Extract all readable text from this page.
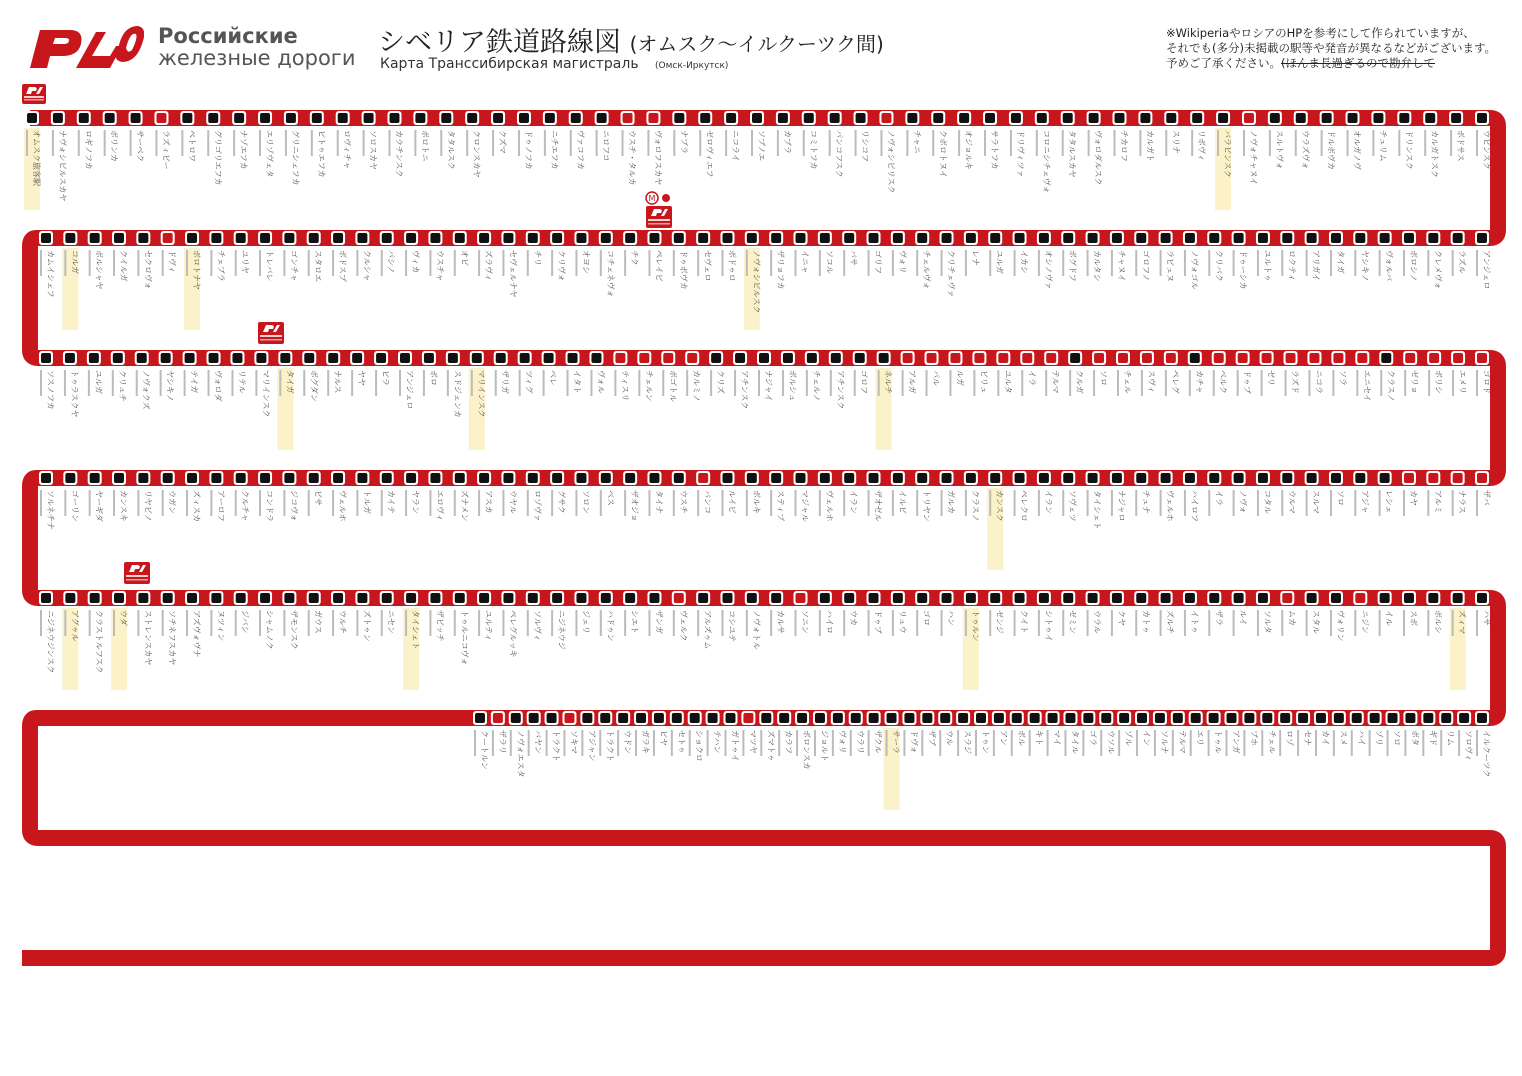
Российские
железные дороги シベリア鉄道路線図 (オムスク〜イルクーツク間)
Карта Транссибирская магистраль (Омск-Иркутск)
※WikiperiaやロシアのHPを参考にして作られていますが、
それでも(多分)未掲載の駅等や発音が異なるなどがございます。
予めご了承ください。(ほんま長過ぎるので勘弁して
オムスク旅客駅 ナヴォシビルスカヤ ロギノフカ ボリンカ サーベク ラズィビー ペトロワ グリゴリエフカ ナゾエフカ エリゾヴェタ グリニシェフカ ピトゥエフカ ロヴィチャ ソロスカヤ カラチンスク ボロトニ タタルスク クロンスカヤ クズマ ドゥノフカ ニチエフカ ヴァコフカ ニロフコ ウスチ・タルカ ヴォロフスカヤ ナブラ ゼロヴィエフ ニコライ ソブノエ カブラ コミトフカ パンコフスク リシコフ ノヴォシビリスク チャニ クボロトヌイ オジョルキ サラトフカ ドリヴィツァ コロニシチェヴォ タタルスカヤ ヴォロダルスク チカロフ カルガト スリナ リボヴィ バラビンスク ノヴォチャヌイ スルトヴォ ウラズヴォ ドルボヴカ オルガノヴ チュリム ドリンスク カルガトスク ポドサス ウビンスク
カムイシェフ コルガ ボルシャヤ クイルガ セクロヴォ ドヴィ ボロトナヤ チェブラ ユリヤ トレバレ ゴンチャ スタロエ ポドスプ クルシャ パシノ ヴィカ ウスチャ オビ ズラヴィ セヴェルナヤ チリ クリヴォ オヨシ コチェネヴォ チク ペレイビ ドゥボヴカ セヴェロ ポドゥロ ノヴォシビルスク ザリョフカ イニャ ソコル バサ ゴリフ ヴォリ チェルヴォ クリチェヴァ レナ ユルガ イカシ オシノヴァ ボグドフ カルタシ チャヌイ ゴロフノ ラビュヌ ノヴォゴル クリバク ドゥーシカ ユルトゥ ロクティ アリガイ タイガ ヤシキノ ヴォルバ ポロシノ クレメヴォ ラズル アンジェロ
ソスノフカ トゥラスクヤ ユルガ クリュチ ノヴォクズ ヤシキノ テイガ ヴォロダ リテル マリインスク タイガ ボグダン ナルス ヤヤ ピラ アンジェロ ポロ スドジェンカ マリインスク ザリガ ツィグ ベレ イタト ヴォル ティスリ チェルン ボゴトル カルミノ クリズ アチンスク ナジャイ ボルシュ チェルノ アチンスク ゴロフ ネルチ アルガ パル ルガ ビリュ ユルタ イラ テルマ クルガ ソロ チェル スヴィ ペレグ カチャ ベルク ドゥブ ゼリ ラズド ニコラ ソラ エニセイ クラスノ ゼリョ ボリシ エメリ ゴロド
ソルネチナ ゴーリン ヤーギダ カンスキ リヤビノ ウガン ズィスカ アーロフ クルチャ コンドラ ジコヴォ ビサ ヴェルホ トルガ カイテ ヤラン エロヴィ ズナメン アスカ ウヤル ロゾヴァ グサク ソロン ベス ザオジョ タイナ ウスチ バンコ ルイビ ボルキ スティプ マジャル ヴェルホ イラン ザオゼル イルビ トリヤン ガルカ クラスノ カンスク ペレクロ イラン ソヴェツ タイシェト ナジャロ チュナ ヴェルホ ハイロフ イラ ノヴォ コタル ウルマ スルマ ソロ アジャ レシェ カヤ アルミ ナラス ザバ
ニジネウジンスク アグゥル クラストルフスク ウダ ストレンスカヤ ソチネフスカヤ アズヴォヴナ ヌツィン ジバシ シャムノク ザモンスク ガウス ウルチ ズトゥン ニセン タイシェト ザビッチ トゥルニコヴォ ユルティ ペレグルッキ ソルヴィ ニジネウジ ジェリ ハドゥン シエト ザンガ ヴェルク アルズゥム コシユテ ノヴォトル カルサ ソニン ハイロ ウカ ドゥブ リュウ ゴロ ハン トゥルン ゼンジ クイト シトゥイ ゼミン ウラル クヤ カトゥ ズルチ イトゥ ザラ ルイ ソルタ ムカ スタル ヴォリン ニジン イル スポ ボルシ ズィマ ハサ
クートルン ザラリ ノヴォエスタ バヤン トラクト ソキマ アジャン トラクト ウドン ガラキ ピヤ セトゥ ショクロ テハン ガトゥイ マツヤ ズマトゥ カラフ ポロンスカ ジョルト ヴォリ ウラリ ザクル サーラ ドヴォ ザブ ウル スラジ トゥン アン ボル キト マイ タイル ゴラ ウソル ゾル イン ソルナ テルマ エリ トゥル アンガ ブホ チェル ロゾ セナ カイ スメ ハイ ゾリ ソロ ボタ ギド リム ソロヴィ イルクーツク
M
